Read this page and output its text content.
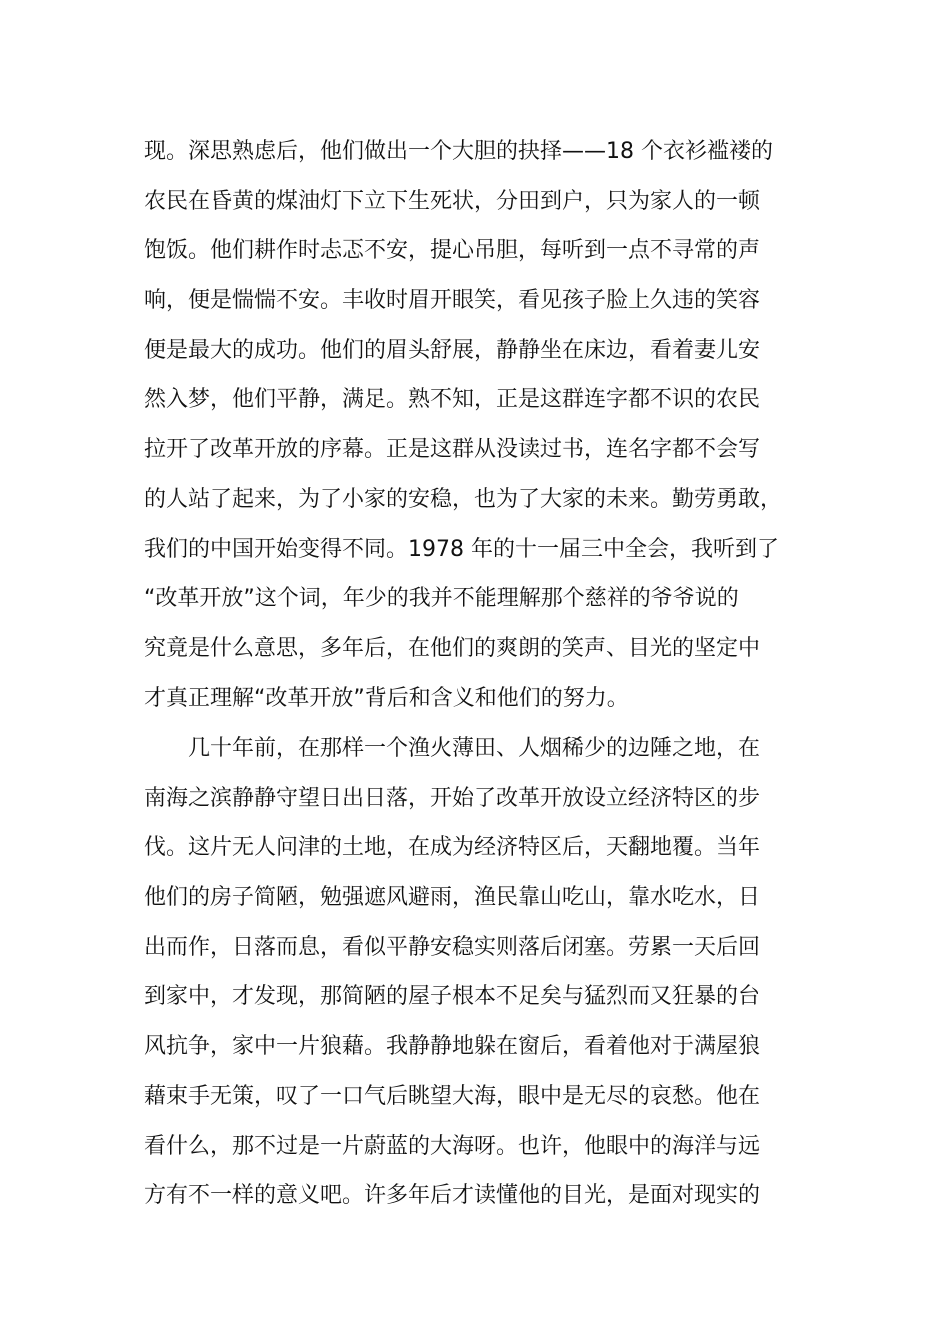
现。深思熟虑后，他们做出一个大胆的抉择——18 个衣衫褴褛的
农民在昏黄的煤油灯下立下生死状，分田到户，只为家人的一顿
饱饭。他们耕作时忐忑不安，提心吊胆，每听到一点不寻常的声
响，便是惴惴不安。丰收时眉开眼笑，看见孩子脸上久违的笑容
便是最大的成功。他们的眉头舒展，静静坐在床边，看着妻儿安
然入梦，他们平静，满足。熟不知，正是这群连字都不识的农民
拉开了改革开放的序幕。正是这群从没读过书，连名字都不会写
的人站了起来，为了小家的安稳，也为了大家的未来。勤劳勇敢，
我们的中国开始变得不同。1978 年的十一届三中全会，我听到了
“改革开放”这个词，年少的我并不能理解那个慈祥的爷爷说的
究竟是什么意思，多年后，在他们的爽朗的笑声、目光的坚定中
才真正理解“改革开放”背后和含义和他们的努力。
　　几十年前，在那样一个渔火薄田、人烟稀少的边陲之地，在
南海之滨静静守望日出日落，开始了改革开放设立经济特区的步
伐。这片无人问津的土地，在成为经济特区后，天翻地覆。当年
他们的房子简陋，勉强遮风避雨，渔民靠山吃山，靠水吃水，日
出而作，日落而息，看似平静安稳实则落后闭塞。劳累一天后回
到家中，才发现，那简陋的屋子根本不足矣与猛烈而又狂暴的台
风抗争，家中一片狼藉。我静静地躲在窗后，看着他对于满屋狼
藉束手无策，叹了一口气后眺望大海，眼中是无尽的哀愁。他在
看什么，那不过是一片蔚蓝的大海呀。也许，他眼中的海洋与远
方有不一样的意义吧。许多年后才读懂他的目光，是面对现实的
